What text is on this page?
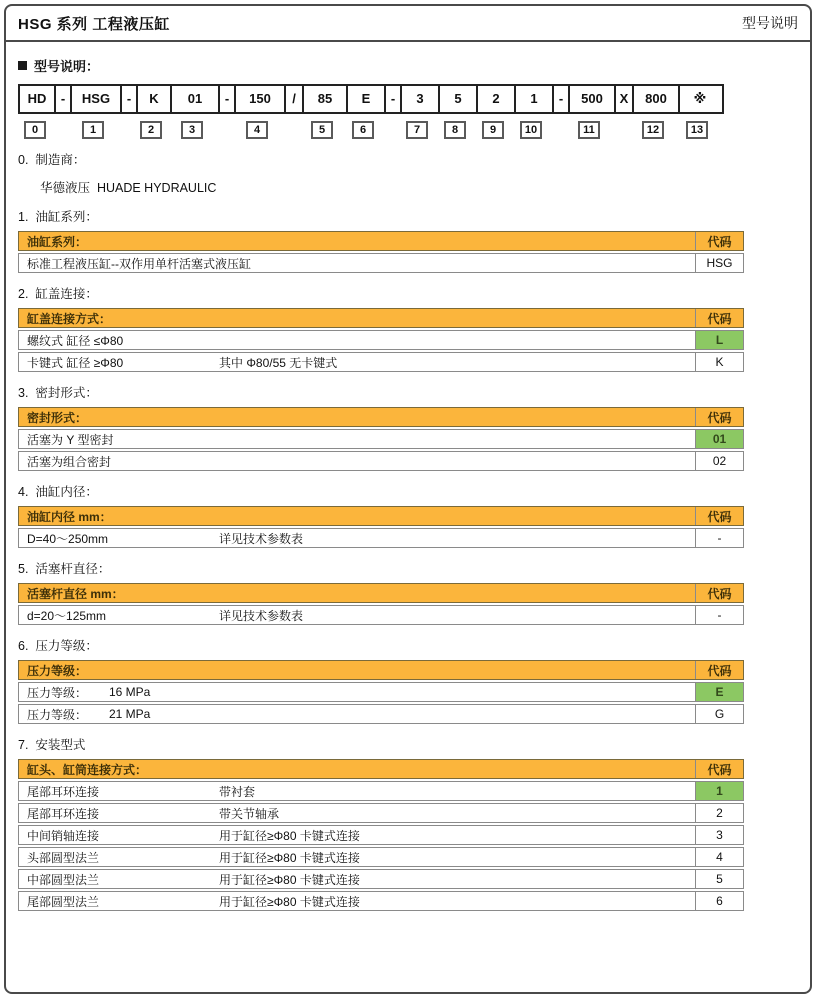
HSG 系列 工程液压缸	型号说明
型号说明：
HD	-	HSG	-	K	01	-	150	/	85	E	-	3	5	2	1	-	500	X	800	※
0	1	2	3	4	5	6	7	8	9	10	11	12	13
0.  制造商：
华德液压  HUADE HYDRAULIC
1.  油缸系列：
油缸系列：	代码
标准工程液压缸--双作用单杆活塞式液压缸	HSG
2.  缸盖连接：
缸盖连接方式：	代码
螺纹式 缸径 ≤Φ80	L
卡键式 缸径 ≥Φ80	其中 Φ80/55 无卡键式	K
3.  密封形式：
密封形式：	代码
活塞为 Y 型密封	01
活塞为组合密封	02
4.  油缸内径：
油缸内径 mm：	代码
D=40～250mm	详见技术参数表	-
5.  活塞杆直径：
活塞杆直径 mm：	代码
d=20～125mm	详见技术参数表	-
6.  压力等级：
压力等级：	代码
压力等级：	16 MPa	E
压力等级：	21 MPa	G
7.  安装型式
缸头、缸筒连接方式：	代码
尾部耳环连接	带衬套	1
尾部耳环连接	带关节轴承	2
中间销轴连接	用于缸径≥Φ80 卡键式连接	3
头部圆型法兰	用于缸径≥Φ80 卡键式连接	4
中部圆型法兰	用于缸径≥Φ80 卡键式连接	5
尾部圆型法兰	用于缸径≥Φ80 卡键式连接	6
